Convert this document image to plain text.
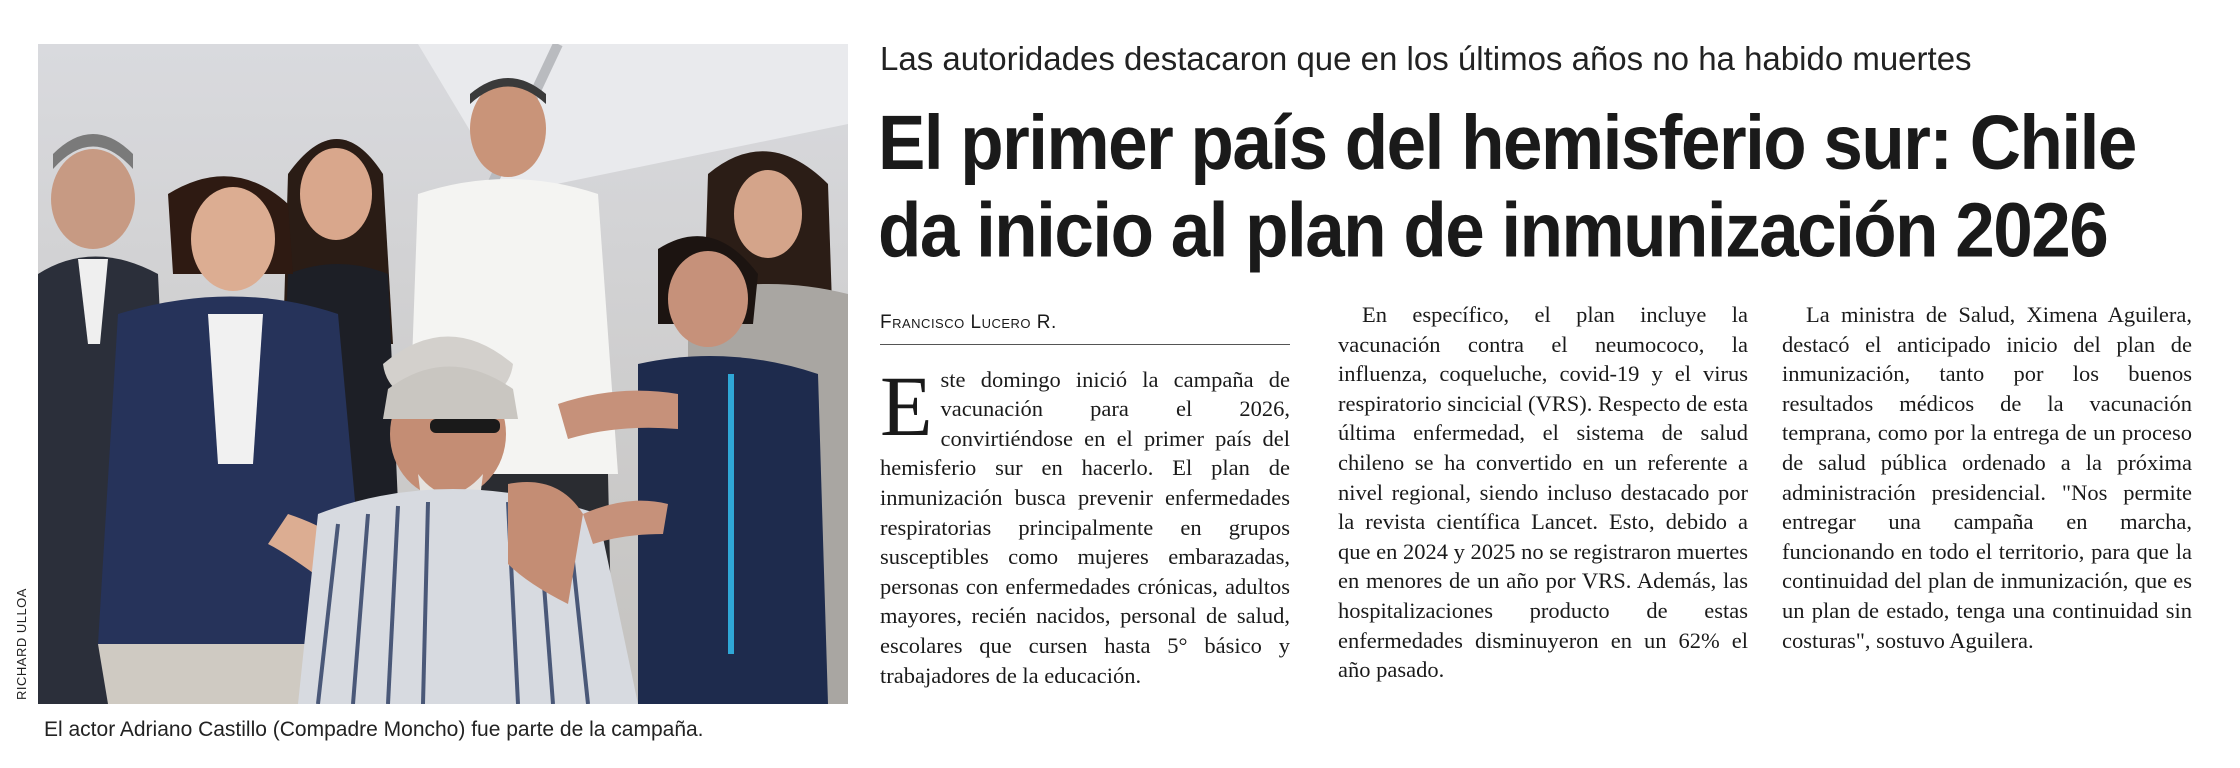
RICHARD ULLOA
El actor Adriano Castillo (Compadre Moncho) fue parte de la campaña.
Las autoridades destacaron que en los últimos años no ha habido muertes
El primer país del hemisferio sur: Chile
da inicio al plan de inmunización 2026
Francisco Lucero R.

Este domingo inició la campaña de vacunación para el 2026, convirtiéndose en el primer país del hemisferio sur en hacerlo. El plan de inmunización busca prevenir enfermedades respiratorias principalmente en grupos susceptibles como mujeres embarazadas, personas con enfermedades crónicas, adultos mayores, recién nacidos, personal de salud, escolares que cursen hasta 5° básico y trabajadores de la educación.

En específico, el plan incluye la vacunación contra el neumococo, la influenza, coqueluche, covid-19 y el virus respiratorio sincicial (VRS). Respecto de esta última enfermedad, el sistema de salud chileno se ha convertido en un referente a nivel regional, siendo incluso destacado por la revista científica Lancet. Esto, debido a que en 2024 y 2025 no se registraron muertes en menores de un año por VRS. Además, las hospitalizaciones producto de estas enfermedades disminuyeron en un 62% el año pasado.

La ministra de Salud, Ximena Aguilera, destacó el anticipado inicio del plan de inmunización, tanto por los buenos resultados médicos de la vacunación temprana, como por la entrega de un proceso de salud pública ordenado a la próxima administración presidencial. "Nos permite entregar una campaña en marcha, funcionando en todo el territorio, para que la continuidad del plan de inmunización, que es un plan de estado, tenga una continuidad sin costuras", sostuvo Aguilera.
